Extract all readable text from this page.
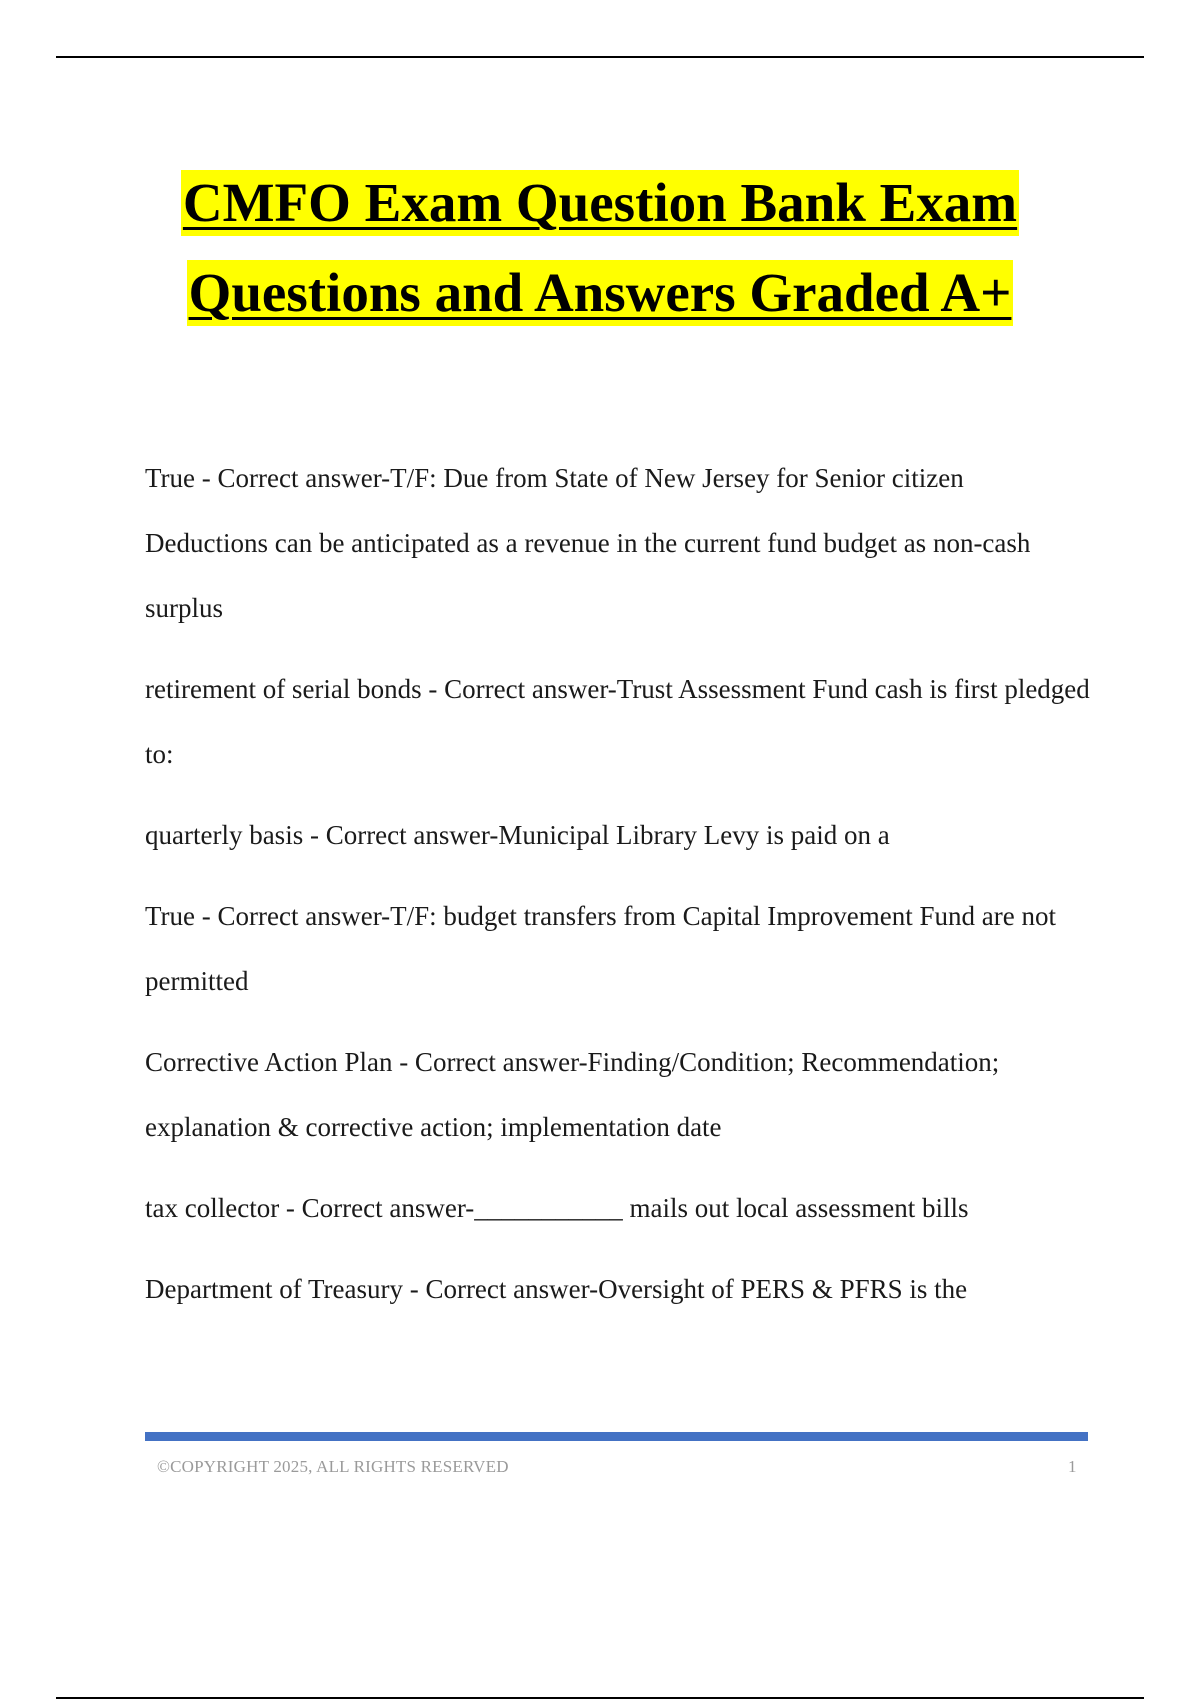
CMFO Exam Question Bank Exam
Questions and Answers Graded A+

True - Correct answer-T/F: Due from State of New Jersey for Senior citizen Deductions can be anticipated as a revenue in the current fund budget as non-cash surplus

retirement of serial bonds - Correct answer-Trust Assessment Fund cash is first pledged to:

quarterly basis - Correct answer-Municipal Library Levy is paid on a

True - Correct answer-T/F: budget transfers from Capital Improvement Fund are not permitted

Corrective Action Plan - Correct answer-Finding/Condition; Recommendation; explanation & corrective action; implementation date

tax collector - Correct answer-___________ mails out local assessment bills

Department of Treasury - Correct answer-Oversight of PERS & PFRS is the

©COPYRIGHT 2025, ALL RIGHTS RESERVED	1
